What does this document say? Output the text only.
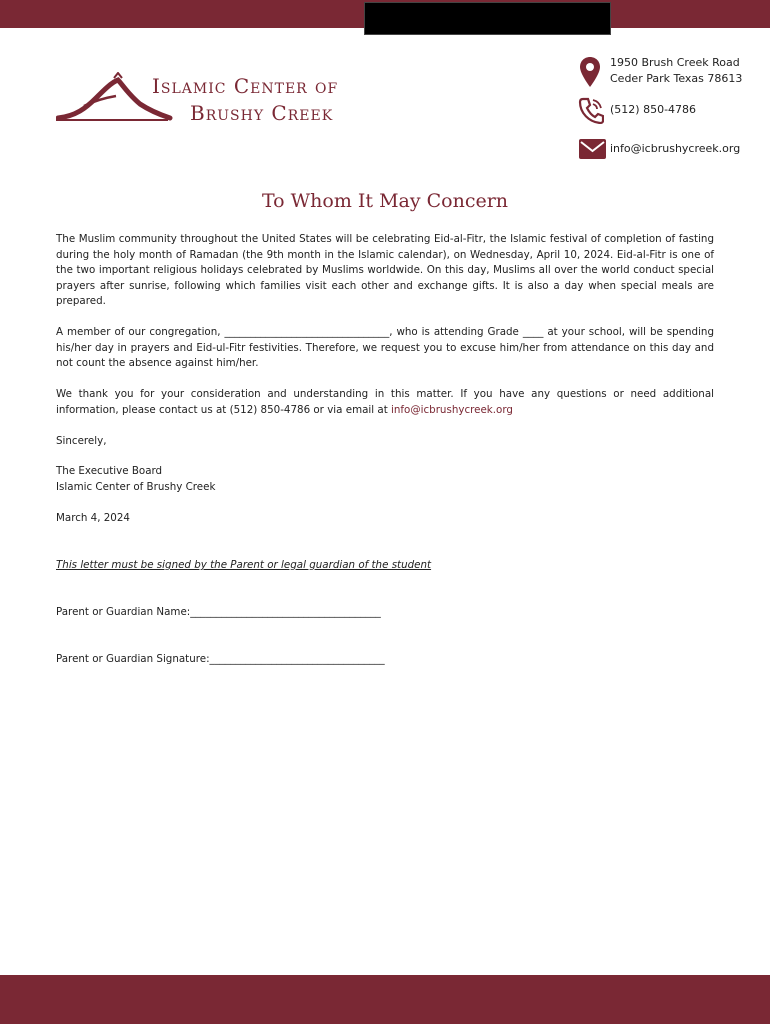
Islamic Center of
Brushy Creek
1950 Brush Creek Road
Ceder Park Texas 78613
(512) 850-4786
info@icbrushycreek.org
To Whom It May Concern

The Muslim community throughout the United States will be celebrating Eid-al-Fitr, the Islamic festival of completion of fasting during the holy month of Ramadan (the 9th month in the Islamic calendar), on Wednesday, April 10, 2024. Eid-al-Fitr is one of the two important religious holidays celebrated by Muslims worldwide. On this day, Muslims all over the world conduct special prayers after sunrise, following which families visit each other and exchange gifts. It is also a day when special meals are prepared.

A member of our congregation, ________________________________, who is attending Grade ____ at your school, will be spending his/her day in prayers and Eid-ul-Fitr festivities. Therefore, we request you to excuse him/her from attendance on this day and not count the absence against him/her.

We thank you for your consideration and understanding in this matter. If you have any questions or need additional information, please contact us at (512) 850-4786 or via email at info@icbrushycreek.org

Sincerely,

The Executive Board

Islamic Center of Brushy Creek

March 4, 2024

This letter must be signed by the Parent or legal guardian of the student

Parent or Guardian Name:_____________________________________

Parent or Guardian Signature:__________________________________
